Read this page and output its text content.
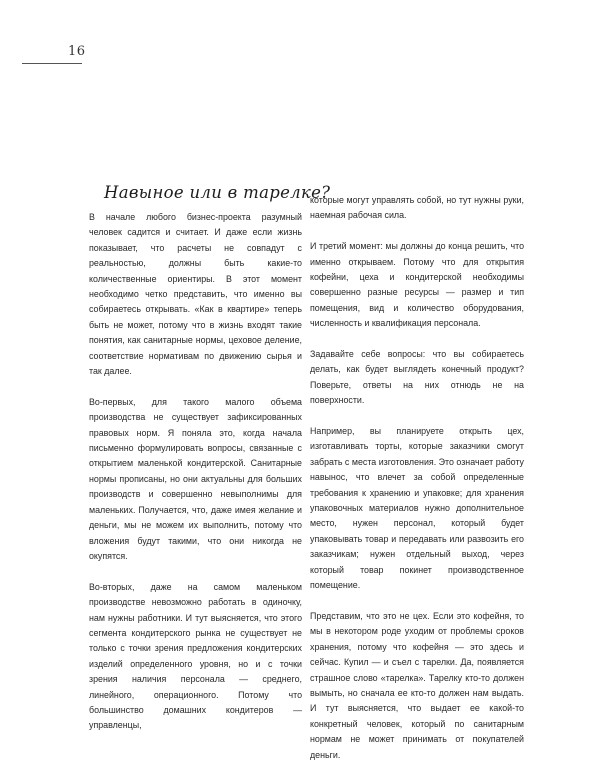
16
Навыное или в тарелке?

В начале любого бизнес-проекта разумный человек садится и считает. И даже если жизнь показывает, что расчеты не совпадут с реальностью, должны быть какие-то количественные ориентиры. В этот момент необходимо четко представить, что именно вы собираетесь открывать. «Как в квартире» теперь быть не может, потому что в жизнь входят такие понятия, как санитарные нормы, цеховое деление, соответствие нормативам по движению сырья и так далее.

Во-первых, для такого малого объема производства не существует зафиксированных правовых норм. Я поняла это, когда начала письменно формулировать вопросы, связанные с открытием маленькой кондитерской. Санитарные нормы прописаны, но они актуальны для больших производств и совершенно невыполнимы для маленьких. Получается, что, даже имея желание и деньги, мы не можем их выполнить, потому что вложения будут такими, что они никогда не окупятся.

Во-вторых, даже на самом маленьком производстве невозможно работать в одиночку, нам нужны работники. И тут выясняется, что этого сегмента кондитерского рынка не существует не только с точки зрения предложения кондитерских изделий определенного уровня, но и с точки зрения наличия персонала — среднего, линейного, операционного. Потому что большинство домашних кондитеров — управленцы,

которые могут управлять собой, но тут нужны руки, наемная рабочая сила.

И третий момент: мы должны до конца решить, что именно открываем. Потому что для открытия кофейни, цеха и кондитерской необходимы совершенно разные ресурсы — размер и тип помещения, вид и количество оборудования, численность и квалификация персонала.

Задавайте себе вопросы: что вы собираетесь делать, как будет выглядеть конечный продукт? Поверьте, ответы на них отнюдь не на поверхности.

Например, вы планируете открыть цех, изготавливать торты, которые заказчики смогут забрать с места изготовления. Это означает работу навынос, что влечет за собой определенные требования к хранению и упаковке; для хранения упаковочных материалов нужно дополнительное место, нужен персонал, который будет упаковывать товар и передавать или развозить его заказчикам; нужен отдельный выход, через который товар покинет производственное помещение.

Представим, что это не цех. Если это кофейня, то мы в некотором роде уходим от проблемы сроков хранения, потому что кофейня — это здесь и сейчас. Купил — и съел с тарелки. Да, появляется страшное слово «тарелка». Тарелку кто-то должен вымыть, но сначала ее кто-то должен нам выдать. И тут выясняется, что выдает ее какой-то конкретный человек, который по санитарным нормам не может принимать от покупателей деньги.
